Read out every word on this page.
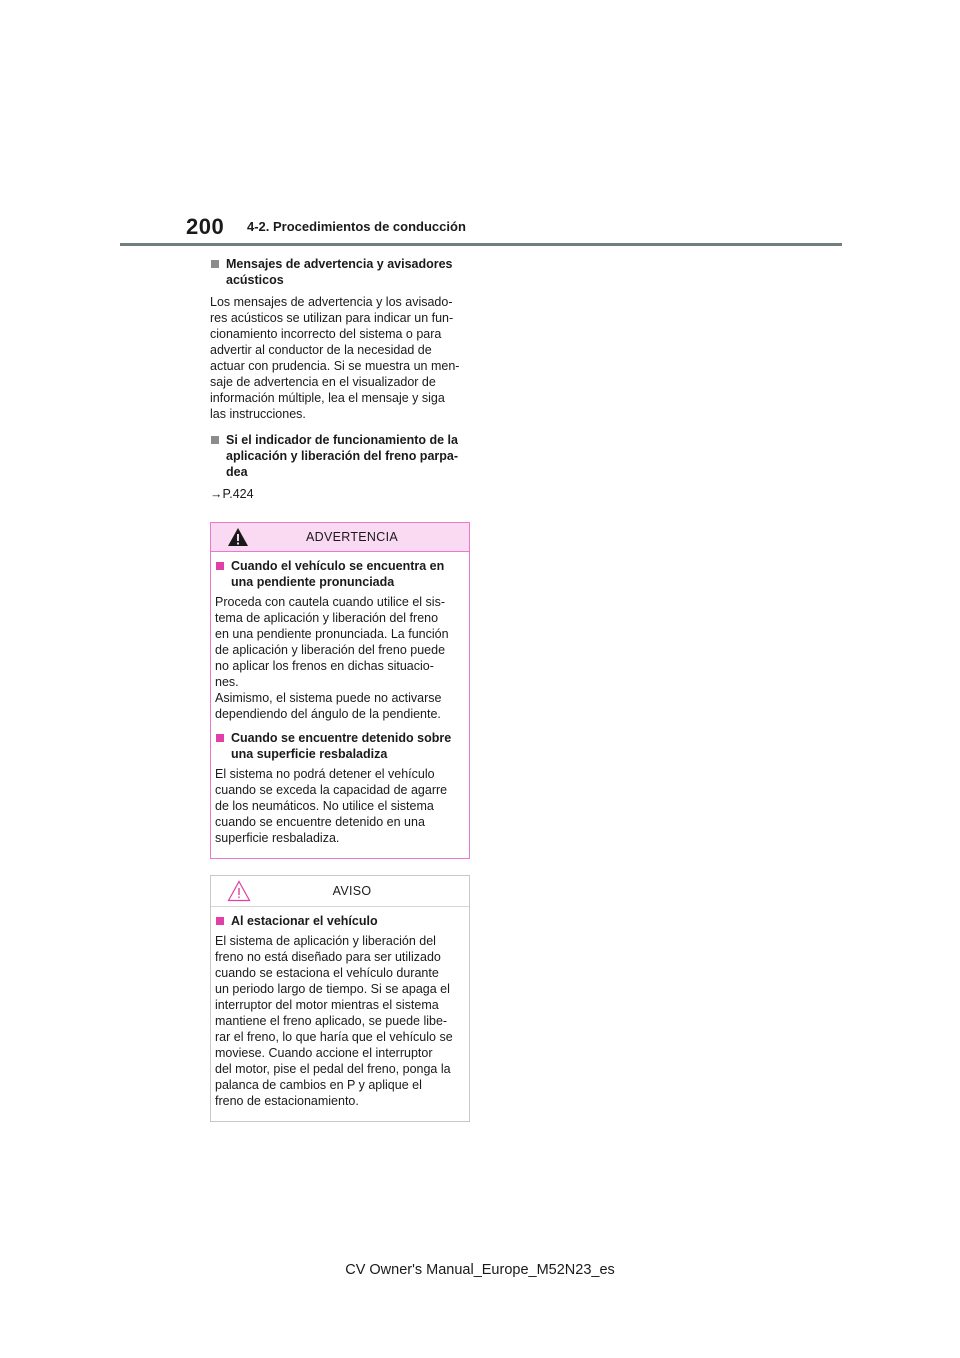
200 4-2. Procedimientos de conducción
Mensajes de advertencia y avisadores acústicos

Los mensajes de advertencia y los avisado-
res acústicos se utilizan para indicar un fun-
cionamiento incorrecto del sistema o para
advertir al conductor de la necesidad de
actuar con prudencia. Si se muestra un men-
saje de advertencia en el visualizador de
información múltiple, lea el mensaje y siga
las instrucciones.

Si el indicador de funcionamiento de la aplicación y liberación del freno parpa-dea

→P.424

ADVERTENCIA
Cuando el vehículo se encuentra en una pendiente pronunciada

Proceda con cautela cuando utilice el sis-
tema de aplicación y liberación del freno
en una pendiente pronunciada. La función
de aplicación y liberación del freno puede
no aplicar los frenos en dichas situacio-
nes.
Asimismo, el sistema puede no activarse
dependiendo del ángulo de la pendiente.

Cuando se encuentre detenido sobre una superficie resbaladiza

El sistema no podrá detener el vehículo
cuando se exceda la capacidad de agarre
de los neumáticos. No utilice el sistema
cuando se encuentre detenido en una
superficie resbaladiza.

AVISO
Al estacionar el vehículo

El sistema de aplicación y liberación del
freno no está diseñado para ser utilizado
cuando se estaciona el vehículo durante
un periodo largo de tiempo. Si se apaga el
interruptor del motor mientras el sistema
mantiene el freno aplicado, se puede libe-
rar el freno, lo que haría que el vehículo se
moviese. Cuando accione el interruptor
del motor, pise el pedal del freno, ponga la
palanca de cambios en P y aplique el
freno de estacionamiento.

CV Owner's Manual_Europe_M52N23_es
